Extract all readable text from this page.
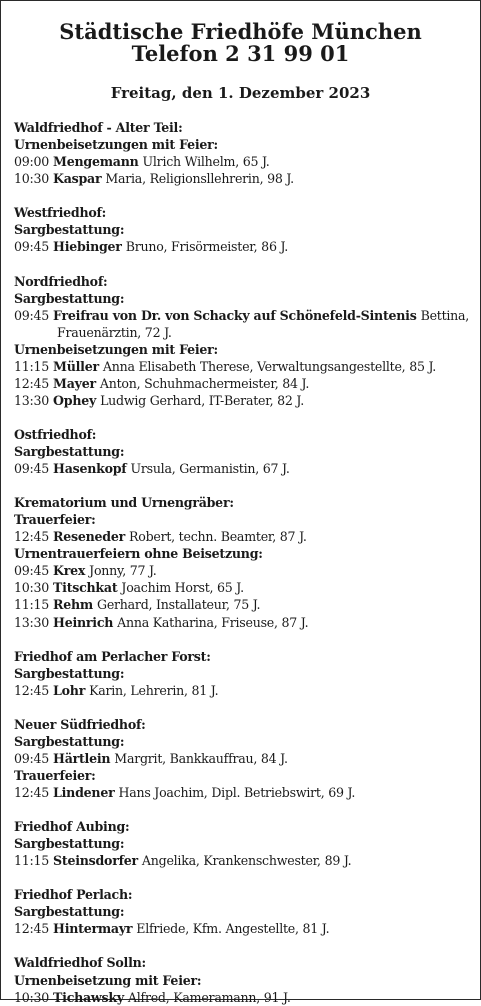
Städtische Friedhöfe München
Telefon 2 31 99 01
Freitag, den 1. Dezember 2023
Waldfriedhof - Alter Teil:
Urnenbeisetzungen mit Feier:
09:00 Mengemann Ulrich Wilhelm, 65 J.
10:30 Kaspar Maria, Religionsllehrerin, 98 J.
Westfriedhof:
Sargbestattung:
09:45 Hiebinger Bruno, Frisörmeister, 86 J.
Nordfriedhof:
Sargbestattung:
09:45 Freifrau von Dr. von Schacky auf Schönefeld-Sintenis Bettina,
Frauenärztin, 72 J.
Urnenbeisetzungen mit Feier:
11:15 Müller Anna Elisabeth Therese, Verwaltungsangestellte, 85 J.
12:45 Mayer Anton, Schuhmachermeister, 84 J.
13:30 Ophey Ludwig Gerhard, IT-Berater, 82 J.
Ostfriedhof:
Sargbestattung:
09:45 Hasenkopf Ursula, Germanistin, 67 J.
Krematorium und Urnengräber:
Trauerfeier:
12:45 Reseneder Robert, techn. Beamter, 87 J.
Urnentrauerfeiern ohne Beisetzung:
09:45 Krex Jonny, 77 J.
10:30 Titschkat Joachim Horst, 65 J.
11:15 Rehm Gerhard, Installateur, 75 J.
13:30 Heinrich Anna Katharina, Friseuse, 87 J.
Friedhof am Perlacher Forst:
Sargbestattung:
12:45 Lohr Karin, Lehrerin, 81 J.
Neuer Südfriedhof:
Sargbestattung:
09:45 Härtlein Margrit, Bankkauffrau, 84 J.
Trauerfeier:
12:45 Lindener Hans Joachim, Dipl. Betriebswirt, 69 J.
Friedhof Aubing:
Sargbestattung:
11:15 Steinsdorfer Angelika, Krankenschwester, 89 J.
Friedhof Perlach:
Sargbestattung:
12:45 Hintermayr Elfriede, Kfm. Angestellte, 81 J.
Waldfriedhof Solln:
Urnenbeisetzung mit Feier:
10:30 Tichawsky Alfred, Kameramann, 91 J.
